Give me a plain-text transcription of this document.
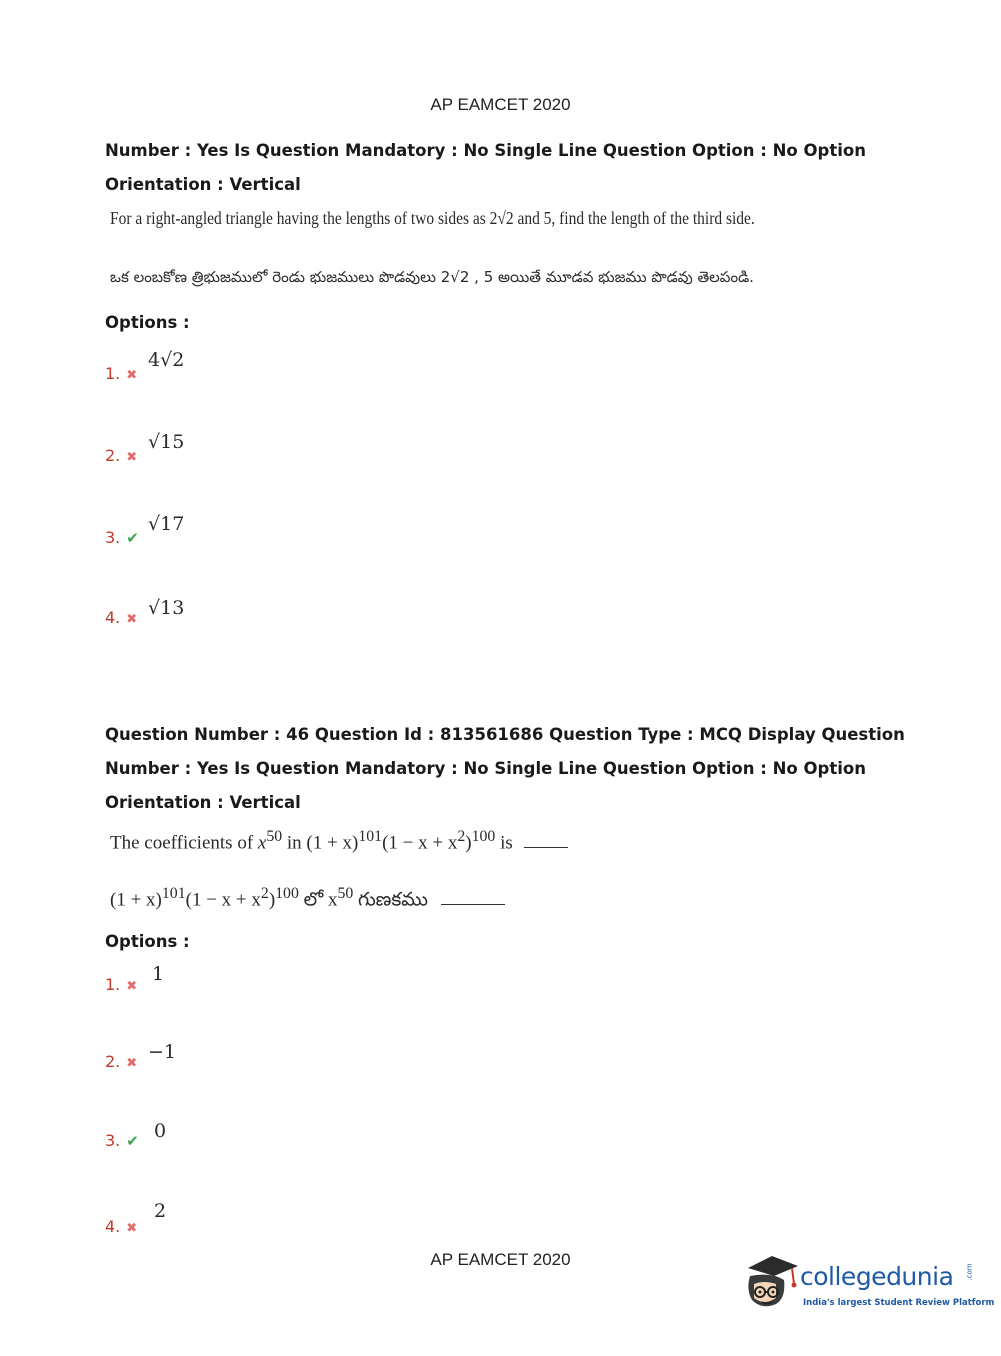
AP EAMCET 2020
Number : Yes Is Question Mandatory : No Single Line Question Option : No Option
Orientation : Vertical
For a right-angled triangle having the lengths of two sides as 2√2 and 5, find the length of the third side.
ఒక లంబకోణ త్రిభుజములో రెండు భుజములు పొడవులు 2√2 , 5 అయితే మూడవ భుజము పొడవు తెలపండి.
Options :
1. ✖
4√2
2. ✖
√15
3. ✔
√17
4. ✖
√13
Question Number : 46 Question Id : 813561686 Question Type : MCQ Display Question
Number : Yes Is Question Mandatory : No Single Line Question Option : No Option
Orientation : Vertical
The coefficients of $x^{50}$ in $(1 + x)^{101}(1 - x + x^2)^{100}$ is
$(1 + x)^{101}(1 - x + x^2)^{100}$ లో $x^{50}$ గుణకము
Options :
1. ✖
1
2. ✖
−1
3. ✔ 0
4. ✖
2
AP EAMCET 2020
collegedunia .com
India's largest Student Review Platform
